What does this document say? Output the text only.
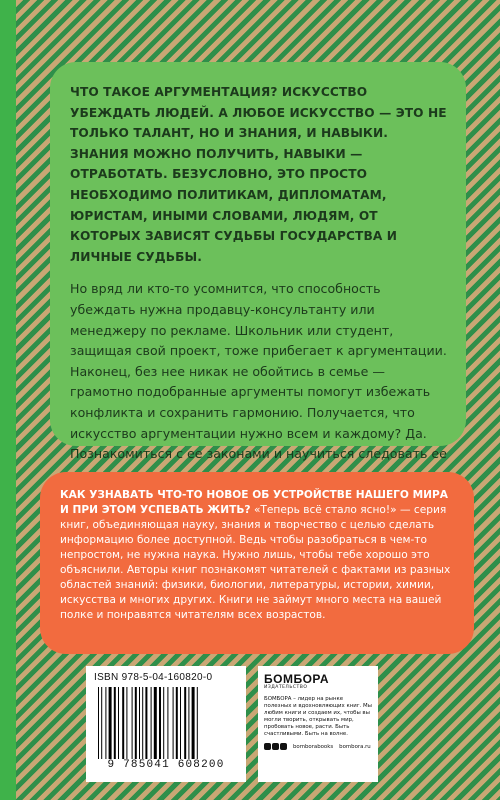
ЧТО ТАКОЕ АРГУМЕНТАЦИЯ? ИСКУССТВО УБЕЖДАТЬ ЛЮДЕЙ. А ЛЮБОЕ ИСКУССТВО — ЭТО НЕ ТОЛЬКО ТАЛАНТ, НО И ЗНАНИЯ, И НАВЫКИ. ЗНАНИЯ МОЖНО ПОЛУЧИТЬ, НАВЫКИ — ОТРАБОТАТЬ. БЕЗУСЛОВНО, ЭТО ПРОСТО НЕОБХОДИМО ПОЛИТИКАМ, ДИПЛОМАТАМ, ЮРИСТАМ, ИНЫМИ СЛОВАМИ, ЛЮДЯМ, ОТ КОТОРЫХ ЗАВИСЯТ СУДЬБЫ ГОСУДАРСТВА И ЛИЧНЫЕ СУДЬБЫ.

Но вряд ли кто-то усомнится, что способность убеждать нужна продавцу-консультанту или менеджеру по рекламе. Школьник или студент, защищая свой проект, тоже прибегает к аргументации. Наконец, без нее никак не обойтись в семье — грамотно подобранные аргументы помогут избежать конфликта и сохранить гармонию. Получается, что искусство аргументации нужно всем и каждому? Да. Познакомиться с ее законами и научиться следовать ее

КАК УЗНАВАТЬ ЧТО-ТО НОВОЕ ОБ УСТРОЙСТВЕ НАШЕГО МИРА И ПРИ ЭТОМ УСПЕВАТЬ ЖИТЬ? «Теперь всё стало ясно!» — серия книг, объединяющая науку, знания и творчество с целью сделать информацию более доступной. Ведь чтобы разобраться в чем-то непростом, не нужна наука. Нужно лишь, чтобы тебе хорошо это объяснили. Авторы книг познакомят читателей с фактами из разных областей знаний: физики, биологии, литературы, истории, химии, искусства и многих других. Книги не займут много места на вашей полке и понравятся читателям всех возрастов.
ISBN 978-5-04-160820-0
9 785041 608200
БОМБОРА
ИЗДАТЕЛЬСТВО
БОМБОРА – лидер на рынке полезных и вдохновляющих книг. Мы любим книги и создаем их, чтобы вы могли творить, открывать мир, пробовать новое, расти. Быть счастливыми. Быть на волне.
bomborabooks bombora.ru
